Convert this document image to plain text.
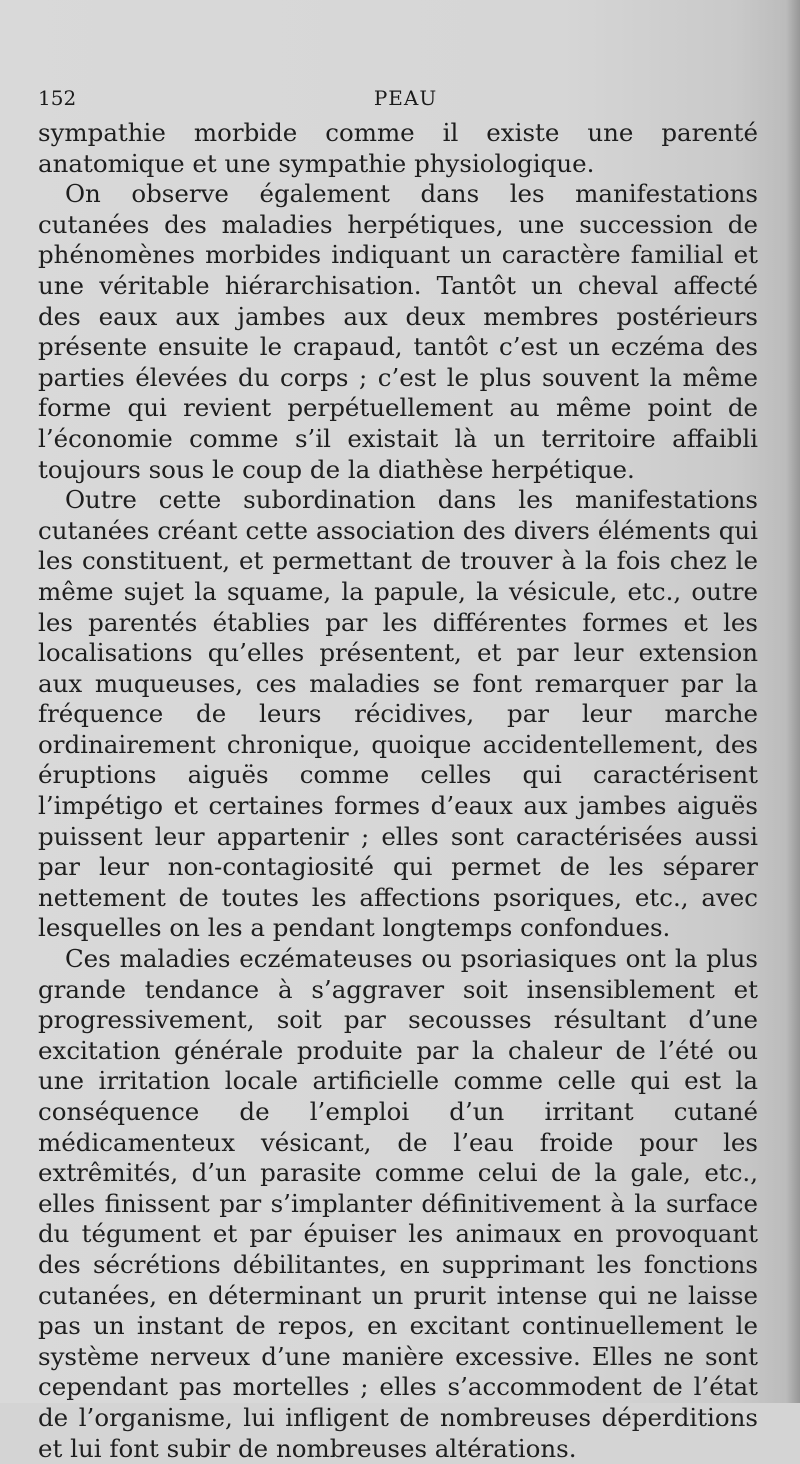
152	PEAU

sympathie morbide comme il existe une parenté anatomique et une sympathie physiologique.

On observe également dans les manifestations cutanées des maladies herpétiques, une succession de phénomènes morbides indiquant un caractère familial et une véritable hiérarchisation. Tantôt un cheval affecté des eaux aux jambes aux deux membres postérieurs présente ensuite le crapaud, tantôt c’est un eczéma des parties élevées du corps ; c’est le plus souvent la même forme qui revient perpétuellement au même point de l’économie comme s’il existait là un territoire affaibli toujours sous le coup de la diathèse herpétique.

Outre cette subordination dans les manifestations cutanées créant cette association des divers éléments qui les constituent, et permettant de trouver à la fois chez le même sujet la squame, la papule, la vésicule, etc., outre les parentés établies par les différentes formes et les localisations qu’elles présentent, et par leur extension aux muqueuses, ces maladies se font remarquer par la fréquence de leurs récidives, par leur marche ordinairement chronique, quoique accidentellement, des éruptions aiguës comme celles qui caractérisent l’impétigo et certaines formes d’eaux aux jambes aiguës puissent leur appartenir ; elles sont caractérisées aussi par leur non-contagiosité qui permet de les séparer nettement de toutes les affections psoriques, etc., avec lesquelles on les a pendant longtemps confondues.

Ces maladies eczémateuses ou psoriasiques ont la plus grande tendance à s’aggraver soit insensiblement et progressivement, soit par secousses résultant d’une excitation générale produite par la chaleur de l’été ou une irritation locale artificielle comme celle qui est la conséquence de l’emploi d’un irritant cutané médicamenteux vésicant, de l’eau froide pour les extrêmités, d’un parasite comme celui de la gale, etc., elles finissent par s’implanter définitivement à la surface du tégument et par épuiser les animaux en provoquant des sécrétions débilitantes, en supprimant les fonctions cutanées, en déterminant un prurit intense qui ne laisse pas un instant de repos, en excitant continuellement le système nerveux d’une manière excessive. Elles ne sont cependant pas mortelles ; elles s’accommodent de l’état de l’organisme, lui infligent de nombreuses déperditions et lui font subir de nombreuses altérations.
